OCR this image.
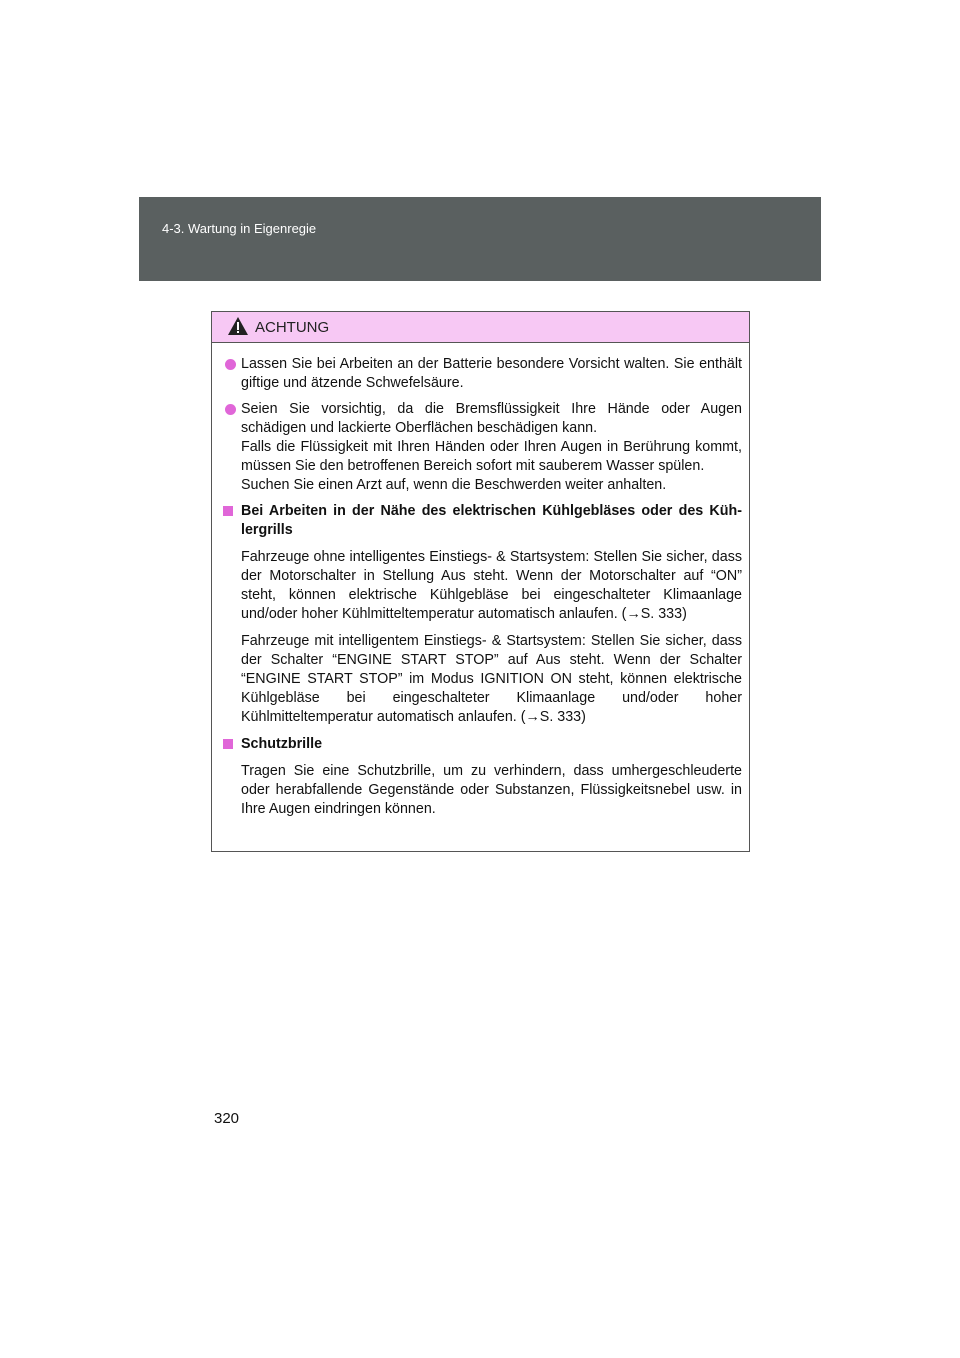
4-3. Wartung in Eigenregie
ACHTUNG

Lassen Sie bei Arbeiten an der Batterie besondere Vorsicht walten. Sie enthält giftige und ätzende Schwefelsäure.

Seien Sie vorsichtig, da die Bremsflüssigkeit Ihre Hände oder Augen schädigen und lackierte Oberflächen beschädigen kann.

Falls die Flüssigkeit mit Ihren Händen oder Ihren Augen in Berührung kommt, müssen Sie den betroffenen Bereich sofort mit sauberem Wasser spülen.

Suchen Sie einen Arzt auf, wenn die Beschwerden weiter anhalten.

Bei Arbeiten in der Nähe des elektrischen Kühlgebläses oder des Kühlergrills

Fahrzeuge ohne intelligentes Einstiegs- & Startsystem: Stellen Sie sicher, dass der Motorschalter in Stellung Aus steht. Wenn der Motorschalter auf “ON” steht, können elektrische Kühlgebläse bei eingeschalteter Klimaanlage und/oder hoher Kühlmitteltemperatur automatisch anlaufen. (→S. 333)

Fahrzeuge mit intelligentem Einstiegs- & Startsystem: Stellen Sie sicher, dass der Schalter “ENGINE START STOP” auf Aus steht. Wenn der Schalter “ENGINE START STOP” im Modus IGNITION ON steht, können elektrische Kühlgebläse bei eingeschalteter Klimaanlage und/oder hoher Kühlmitteltemperatur automatisch anlaufen. (→S. 333)

Schutzbrille

Tragen Sie eine Schutzbrille, um zu verhindern, dass umhergeschleuderte oder herabfallende Gegenstände oder Substanzen, Flüssigkeitsnebel usw. in Ihre Augen eindringen können.

320
